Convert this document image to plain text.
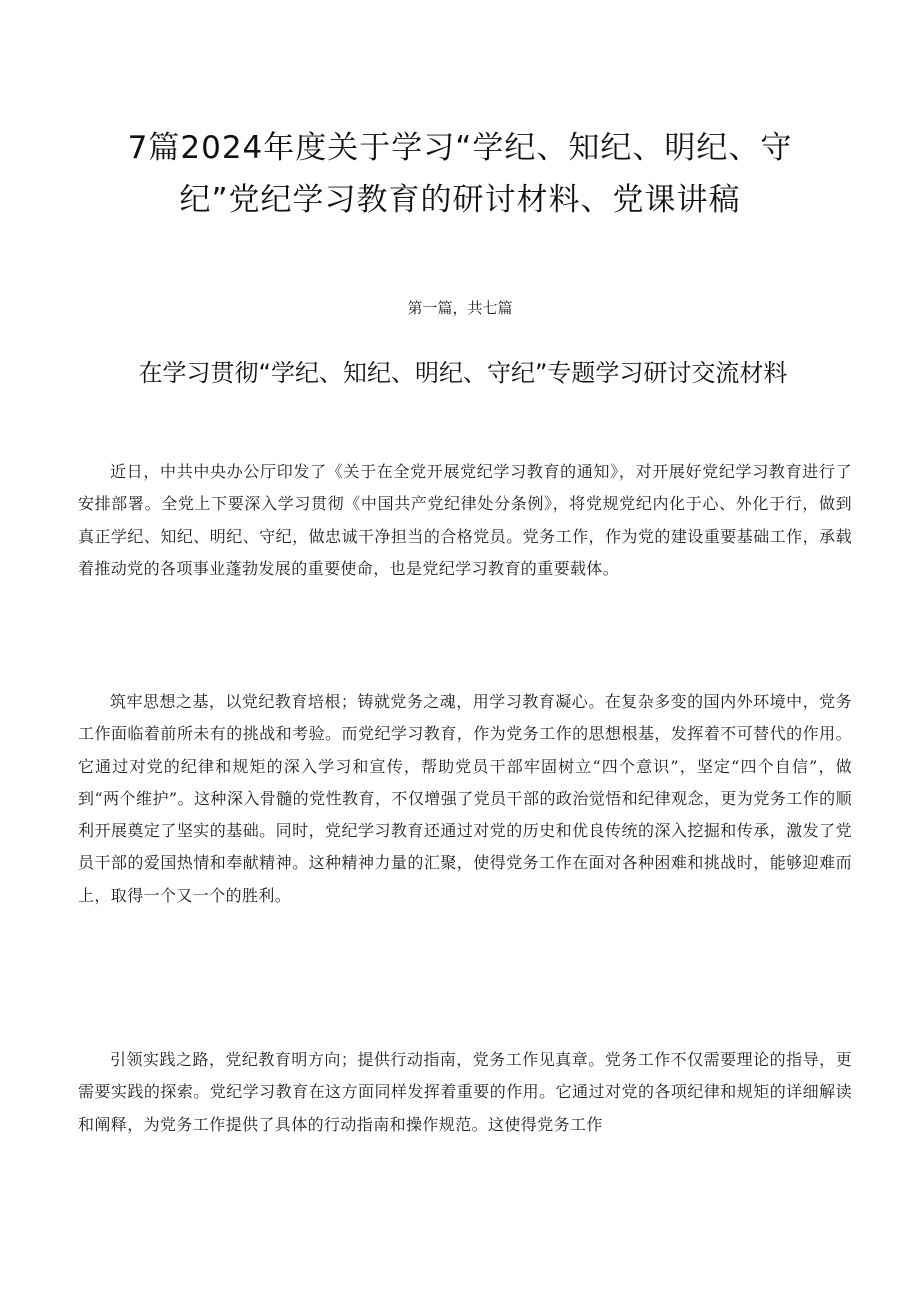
7篇2024年度关于学习“学纪、知纪、明纪、守纪”党纪学习教育的研讨材料、党课讲稿

第一篇，共七篇

在学习贯彻“学纪、知纪、明纪、守纪”专题学习研讨交流材料

近日，中共中央办公厅印发了《关于在全党开展党纪学习教育的通知》，对开展好党纪学习教育进行了安排部署。全党上下要深入学习贯彻《中国共产党纪律处分条例》，将党规党纪内化于心、外化于行，做到真正学纪、知纪、明纪、守纪，做忠诚干净担当的合格党员。党务工作，作为党的建设重要基础工作，承载着推动党的各项事业蓬勃发展的重要使命，也是党纪学习教育的重要载体。

筑牢思想之基，以党纪教育培根；铸就党务之魂，用学习教育凝心。在复杂多变的国内外环境中，党务工作面临着前所未有的挑战和考验。而党纪学习教育，作为党务工作的思想根基，发挥着不可替代的作用。它通过对党的纪律和规矩的深入学习和宣传，帮助党员干部牢固树立“四个意识”，坚定“四个自信”，做到“两个维护”。这种深入骨髓的党性教育，不仅增强了党员干部的政治觉悟和纪律观念，更为党务工作的顺利开展奠定了坚实的基础。同时，党纪学习教育还通过对党的历史和优良传统的深入挖掘和传承，激发了党员干部的爱国热情和奉献精神。这种精神力量的汇聚，使得党务工作在面对各种困难和挑战时，能够迎难而上，取得一个又一个的胜利。

引领实践之路，党纪教育明方向；提供行动指南，党务工作见真章。党务工作不仅需要理论的指导，更需要实践的探索。党纪学习教育在这方面同样发挥着重要的作用。它通过对党的各项纪律和规矩的详细解读和阐释，为党务工作提供了具体的行动指南和操作规范。这使得党务工作
